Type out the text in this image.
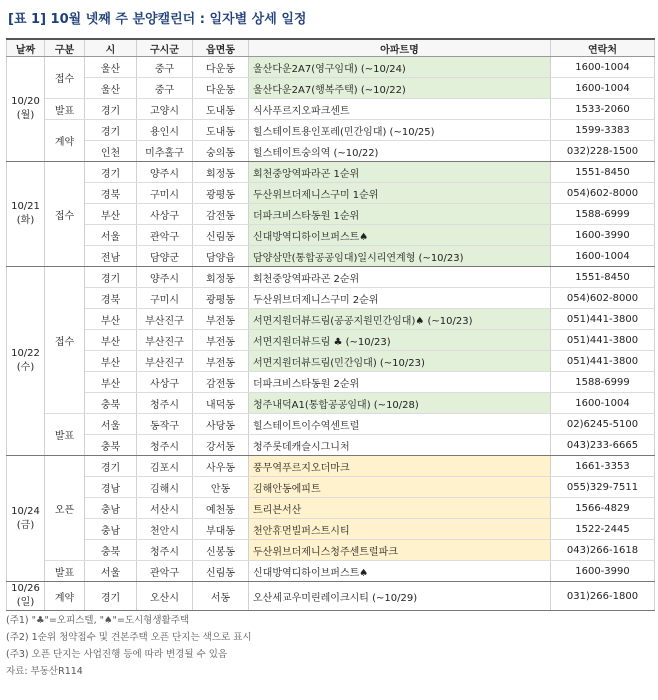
[표 1] 10월 넷째 주 분양캘린더 : 일자별 상세 일정
날짜	구분	시	구시군	읍면동	아파트명	연락처

10/20
(월)	접수	울산	중구	다운동	울산다운2A7(영구임대) (~10/24)	1600-1004
		울산	중구	다운동	울산다운2A7(행복주택) (~10/22)	1600-1004
	발표	경기	고양시	도내동	식사푸르지오파크센트	1533-2060
	계약	경기	용인시	도내동	힐스테이트용인포레(민간임대) (~10/25)	1599-3383
		인천	미추홀구	숭의동	힐스테이트숭의역 (~10/22)	032)228-1500

10/21
(화)	접수	경기	양주시	회정동	회천중앙역파라곤 1순위	1551-8450
		경북	구미시	광평동	두산위브더제니스구미 1순위	054)602-8000
		부산	사상구	감전동	더파크비스타동원 1순위	1588-6999
		서울	관악구	신림동	신대방역디하이브퍼스트♠	1600-3990
		전남	담양군	담양읍	담양삼만(통합공공임대)일시리연계형 (~10/23)	1600-1004

10/22
(수)	접수	경기	양주시	회정동	회천중앙역파라곤 2순위	1551-8450
		경북	구미시	광평동	두산위브더제니스구미 2순위	054)602-8000
		부산	부산진구	부전동	서면지원더뷰드림(공공지원민간임대)♠ (~10/23)	051)441-3800
		부산	부산진구	부전동	서면지원더뷰드림 ♣ (~10/23)	051)441-3800
		부산	부산진구	부전동	서면지원더뷰드림(민간임대) (~10/23)	051)441-3800
		부산	사상구	감전동	더파크비스타동원 2순위	1588-6999
		충북	청주시	내덕동	청주내덕A1(통합공공임대) (~10/28)	1600-1004
	발표	서울	동작구	사당동	힐스테이트이수역센트럴	02)6245-5100
		충북	청주시	강서동	청주롯데캐슬시그니처	043)233-6665

10/24
(금)	오픈	경기	김포시	사우동	풍무역푸르지오더마크	1661-3353
		경남	김해시	안동	김해안동에피트	055)329-7511
		충남	서산시	예천동	트리븐서산	1566-4829
		충남	천안시	부대동	천안휴먼빌퍼스트시티	1522-2445
		충북	청주시	신봉동	두산위브더제니스청주센트럴파크	043)266-1618
	발표	서울	관악구	신림동	신대방역디하이브퍼스트♠	1600-3990

10/26
(일)	계약	경기	오산시	서동	오산세교우미린레이크시티 (~10/29)	031)266-1800
(주1) "♣"=오피스텔, "♠"=도시형생활주택
(주2) 1순위 청약접수 및 견본주택 오픈 단지는 색으로 표시
(주3) 오픈 단지는 사업진행 등에 따라 변경될 수 있음
자료: 부동산R114
